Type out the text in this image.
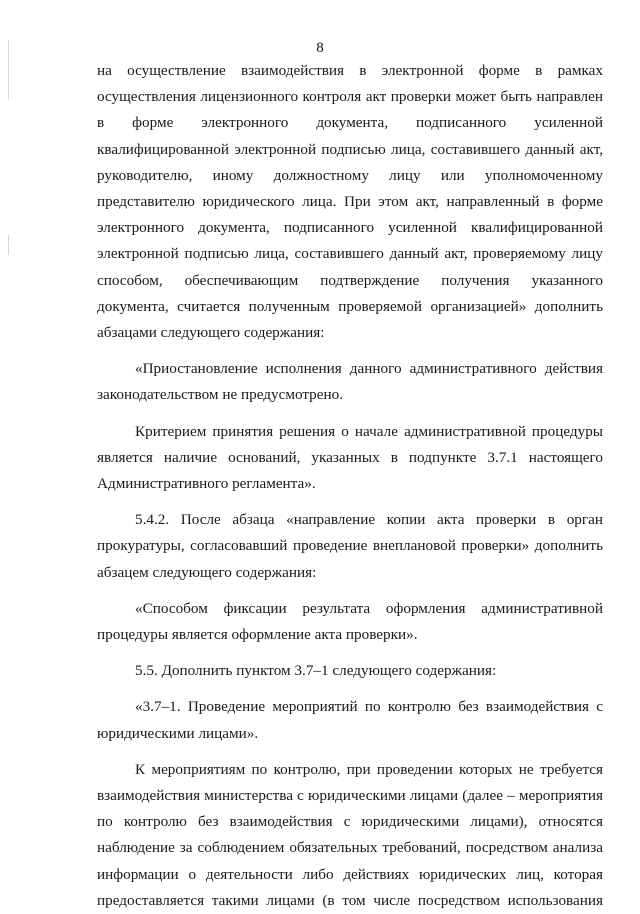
8

на осуществление взаимодействия в электронной форме в рамках осуществления лицензионного контроля акт проверки может быть направлен в форме электронного документа, подписанного усиленной квалифицированной электронной подписью лица, составившего данный акт, руководителю, иному должностному лицу или уполномоченному представителю юридического лица. При этом акт, направленный в форме электронного документа, подписанного усиленной квалифицированной электронной подписью лица, составившего данный акт, проверяемому лицу способом, обеспечивающим подтверждение получения указанного документа, считается полученным проверяемой организацией» дополнить абзацами следующего содержания:

«Приостановление исполнения данного административного действия законодательством не предусмотрено.

Критерием принятия решения о начале административной процедуры является наличие оснований, указанных в подпункте 3.7.1 настоящего Административного регламента».

5.4.2. После абзаца «направление копии акта проверки в орган прокуратуры, согласовавший проведение внеплановой проверки» дополнить абзацем следующего содержания:

«Способом фиксации результата оформления административной процедуры является оформление акта проверки».

5.5. Дополнить пунктом 3.7–1 следующего содержания:

«3.7–1. Проведение мероприятий по контролю без взаимодействия с юридическими лицами».

К мероприятиям по контролю, при проведении которых не требуется взаимодействия министерства с юридическими лицами (далее – мероприятия по контролю без взаимодействия с юридическими лицами), относятся наблюдение за соблюдением обязательных требований, посредством анализа информации о деятельности либо действиях юридических лиц, которая предоставляется такими лицами (в том числе посредством использования
